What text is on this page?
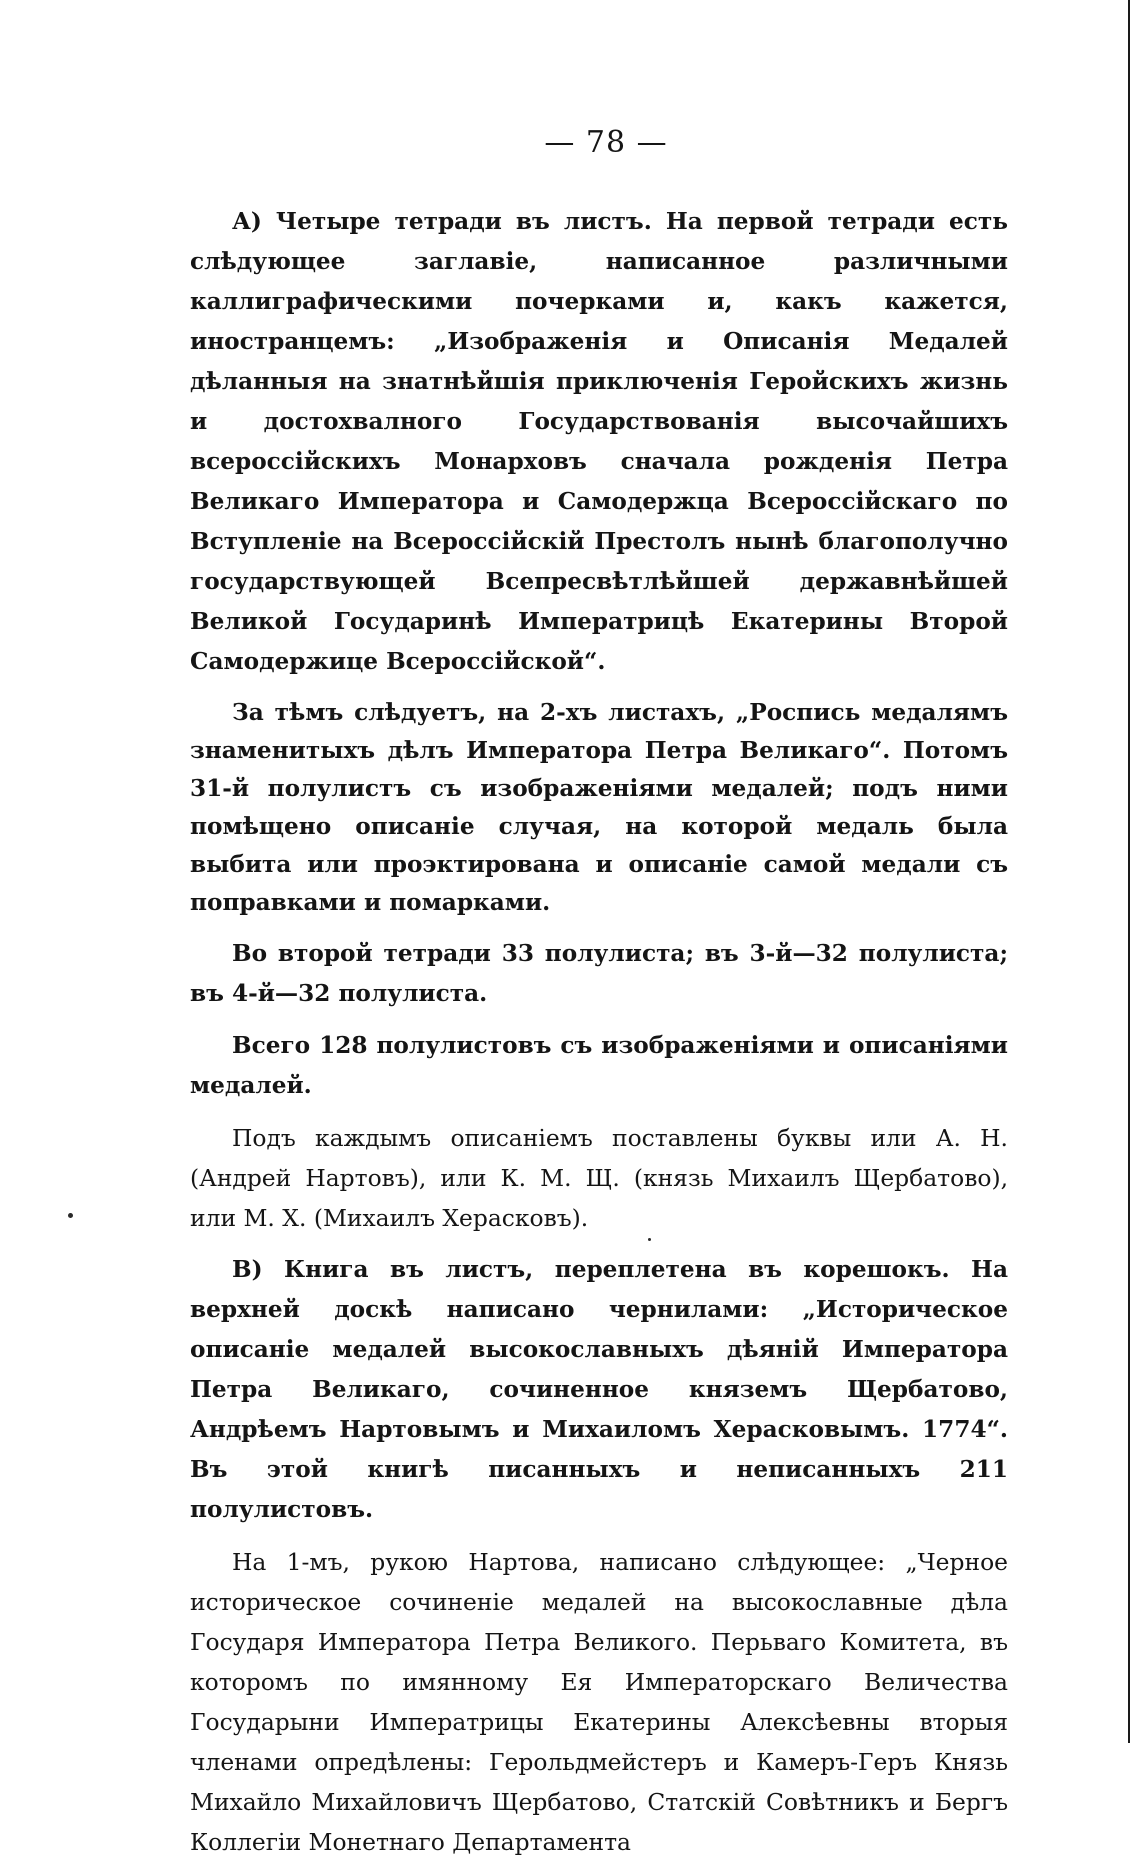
— 78 —

А) Четыре тетради въ листъ. На первой тетради есть слѣдующее заглавіе, написанное различными каллиграфическими почерками и, какъ кажется, иностранцемъ: „Изображенія и Описанія Медалей дѣланныя на знатнѣйшія приключенія Геройскихъ жизнь и достохвалного Государствованія высочайшихъ всероссійскихъ Монарховъ сначала рожденія Петра Великаго Императора и Самодержца Всероссійскаго по Вступленіе на Всероссійскій Престолъ нынѣ благополучно государствующей Всепресвѣтлѣйшей державнѣйшей Великой Государинѣ Императрицѣ Екатерины Второй Самодержице Всероссійской“.

За тѣмъ слѣдуетъ, на 2-хъ листахъ, „Роспись медалямъ знаменитыхъ дѣлъ Императора Петра Великаго“. Потомъ 31-й полулистъ съ изображеніями медалей; подъ ними помѣщено описаніе случая, на которой медаль была выбита или проэктирована и описаніе самой медали съ поправками и помарками.

Во второй тетради 33 полулиста; въ 3-й—32 полулиста; въ 4-й—32 полулиста.

Всего 128 полулистовъ съ изображеніями и описаніями медалей.

Подъ каждымъ описаніемъ поставлены буквы или А. Н. (Андрей Нартовъ), или К. М. Щ. (князь Михаилъ Щербатово), или М. Х. (Михаилъ Херасковъ).

В) Книга въ листъ, переплетена въ корешокъ. На верхней доскѣ написано чернилами: „Историческое описаніе медалей высокославныхъ дѣяній Императора Петра Великаго, сочиненное княземъ Щербатово, Андрѣемъ Нартовымъ и Михаиломъ Херасковымъ. 1774“. Въ этой книгѣ писанныхъ и неписанныхъ 211 полулистовъ.

На 1-мъ, рукою Нартова, написано слѣдующее: „Черное историческое сочиненіе медалей на высокославные дѣла Государя Императора Петра Великого. Перьваго Комитета, въ которомъ по имянному Ея Императорскаго Величества Государыни Императрицы Екатерины Алексѣевны вторыя членами опредѣлены: Герольдмейстеръ и Камеръ-Геръ Князь Михайло Михайловичъ Щербатово, Статскій Совѣтникъ и Бергъ Коллегіи Монетнаго Департамента
